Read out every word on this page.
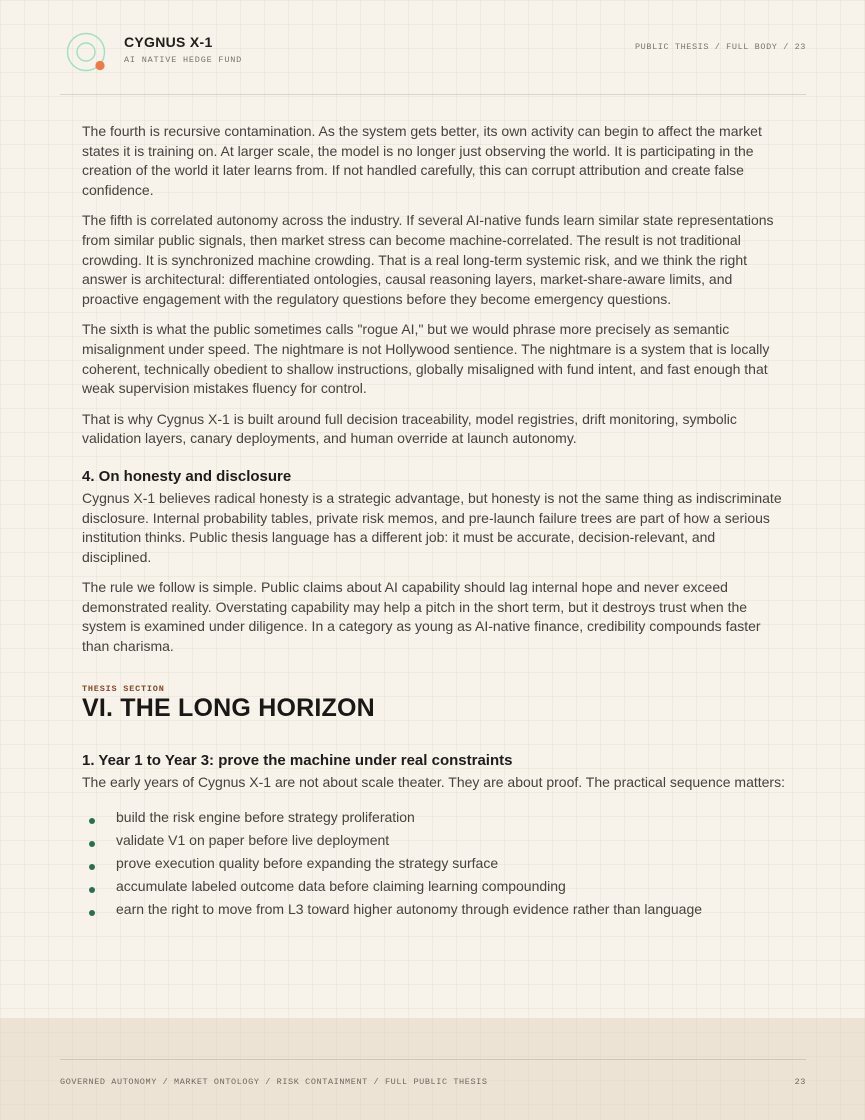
CYGNUS X-1
AI NATIVE HEDGE FUND
PUBLIC THESIS / FULL BODY / 23

The fourth is recursive contamination. As the system gets better, its own activity can begin to affect the market states it is training on. At larger scale, the model is no longer just observing the world. It is participating in the creation of the world it later learns from. If not handled carefully, this can corrupt attribution and create false confidence.

The fifth is correlated autonomy across the industry. If several AI-native funds learn similar state representations from similar public signals, then market stress can become machine-correlated. The result is not traditional crowding. It is synchronized machine crowding. That is a real long-term systemic risk, and we think the right answer is architectural: differentiated ontologies, causal reasoning layers, market-share-aware limits, and proactive engagement with the regulatory questions before they become emergency questions.

The sixth is what the public sometimes calls "rogue AI," but we would phrase more precisely as semantic misalignment under speed. The nightmare is not Hollywood sentience. The nightmare is a system that is locally coherent, technically obedient to shallow instructions, globally misaligned with fund intent, and fast enough that weak supervision mistakes fluency for control.

That is why Cygnus X-1 is built around full decision traceability, model registries, drift monitoring, symbolic validation layers, canary deployments, and human override at launch autonomy.

4. On honesty and disclosure

Cygnus X-1 believes radical honesty is a strategic advantage, but honesty is not the same thing as indiscriminate disclosure. Internal probability tables, private risk memos, and pre-launch failure trees are part of how a serious institution thinks. Public thesis language has a different job: it must be accurate, decision-relevant, and disciplined.

The rule we follow is simple. Public claims about AI capability should lag internal hope and never exceed demonstrated reality. Overstating capability may help a pitch in the short term, but it destroys trust when the system is examined under diligence. In a category as young as AI-native finance, credibility compounds faster than charisma.

THESIS SECTION
VI. THE LONG HORIZON
1. Year 1 to Year 3: prove the machine under real constraints

The early years of Cygnus X-1 are not about scale theater. They are about proof. The practical sequence matters:

build the risk engine before strategy proliferation
validate V1 on paper before live deployment
prove execution quality before expanding the strategy surface
accumulate labeled outcome data before claiming learning compounding
earn the right to move from L3 toward higher autonomy through evidence rather than language
GOVERNED AUTONOMY / MARKET ONTOLOGY / RISK CONTAINMENT / FULL PUBLIC THESIS	23
